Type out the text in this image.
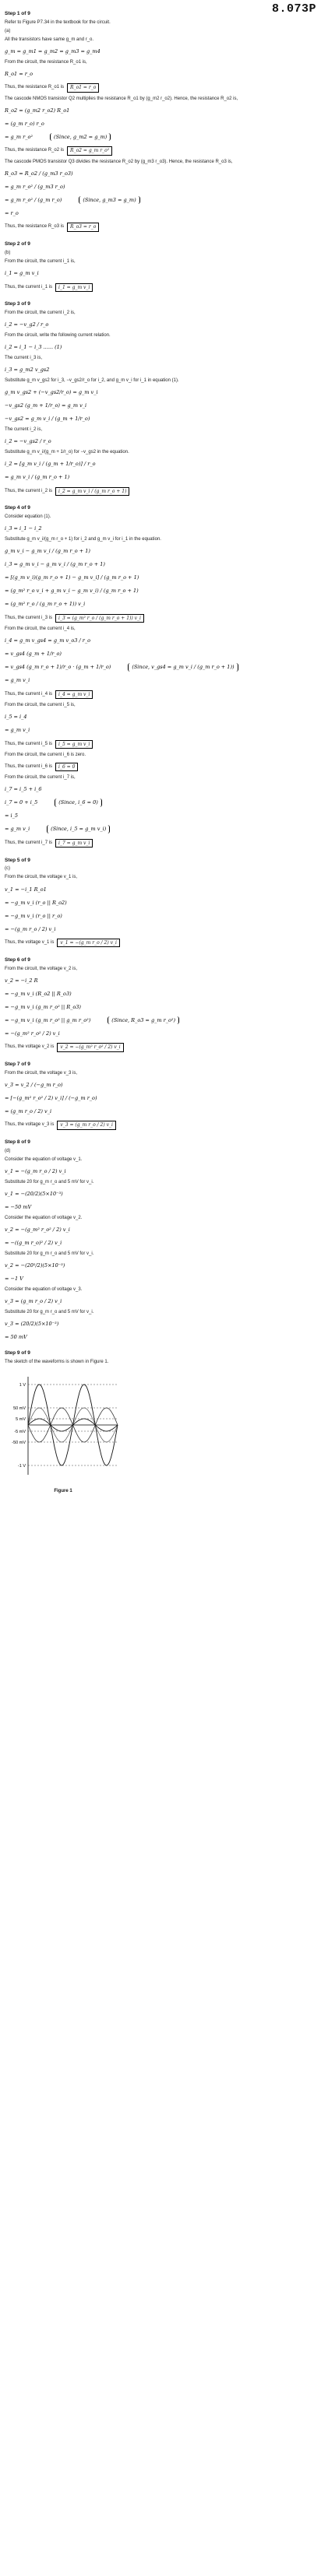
8.073P
Step 1 of 9
Refer to Figure P7.34 in the textbook for the circuit.
(a)
All the transistors have same g_m and r_o.
g_m = g_m1 = g_m2 = g_m3 = g_m4
From the circuit, the resistance R_o1 is,
R_o1 = r_o
Thus, the resistance R_o1 is	R_o1 = r_o
The cascode NMOS transistor Q2 multiplies the resistance R_o1 by (g_m2 r_o2). Hence, the resistance R_o2 is,
R_o2 = (g_m2 r_o2) R_o1
= (g_m r_o) r_o
= g_m r_o²	(Since, g_m2 = g_m)
Thus, the resistance R_o2 is	R_o2 = g_m r_o²
The cascode PMOS transistor Q3 divides the resistance R_o2 by (g_m3 r_o3). Hence, the resistance R_o3 is,
R_o3 = R_o2 / (g_m3 r_o3)
= g_m r_o² / (g_m3 r_o)
= g_m r_o² / (g_m r_o)	(Since, g_m3 = g_m)
= r_o
Thus, the resistance R_o3 is	R_o3 = r_o
Step 2 of 9
(b)
From the circuit, the current i_1 is,
i_1 = g_m v_i
Thus, the current i_1 is	i_1 = g_m v_i
Step 3 of 9
From the circuit, the current i_2 is,
i_2 = −v_g2 / r_o
From the circuit, write the following current relation.
i_2 = i_1 − i_3 ...... (1)
The current i_3 is,
i_3 = g_m2 v_gs2
Substitute g_m v_gs2 for i_3, −v_gs2/r_o for i_2, and g_m v_i for i_1 in equation (1).
g_m v_gs2 + (−v_gs2/r_o) = g_m v_i
−v_gs2 (g_m + 1/r_o) = g_m v_i
−v_gs2 = g_m v_i / (g_m + 1/r_o)
The current i_2 is,
i_2 = −v_gs2 / r_o
Substitute g_m v_i/(g_m + 1/r_o) for −v_gs2 in the equation.
i_2 = [g_m v_i / (g_m + 1/r_o)] / r_o
= g_m v_i / (g_m r_o + 1)
Thus, the current i_2 is	i_2 = g_m v_i / (g_m r_o + 1)
Step 4 of 9
Consider equation (1).
i_3 = i_1 − i_2
Substitute g_m v_i/(g_m r_o + 1) for i_2 and g_m v_i for i_1 in the equation.
g_m v_i − g_m v_i / (g_m r_o + 1)
i_3 = g_m v_i − g_m v_i / (g_m r_o + 1)
= [(g_m v_i)(g_m r_o + 1) − g_m v_i] / (g_m r_o + 1)
= (g_m² r_o v_i + g_m v_i − g_m v_i) / (g_m r_o + 1)
= (g_m² r_o / (g_m r_o + 1)) v_i
Thus, the current i_3 is	i_3 = (g_m² r_o / (g_m r_o + 1)) v_i
From the circuit, the current i_4 is,
i_4 = g_m v_gs4 = g_m v_o3 / r_o
= v_gs4 (g_m + 1/r_o)
= v_gs4 (g_m r_o + 1)/r_o · (g_m + 1/r_o)	(Since, v_gs4 = g_m v_i / (g_m r_o + 1))
= g_m v_i
Thus, the current i_4 is	i_4 = g_m v_i
From the circuit, the current i_5 is,
i_5 = i_4
= g_m v_i
Thus, the current i_5 is	i_5 = g_m v_i
From the circuit, the current i_6 is zero.
Thus, the current i_6 is	i_6 = 0
From the circuit, the current i_7 is,
i_7 = i_5 + i_6
i_7 = 0 + i_5	(Since, i_6 = 0)
= i_5
= g_m v_i	(Since, i_5 = g_m v_i)
Thus, the current i_7 is	i_7 = g_m v_i
Step 5 of 9
(c)
From the circuit, the voltage v_1 is,
v_1 = −i_1 R_o1
= −g_m v_i (r_o || R_o2)
= −g_m v_i (r_o || r_o)
= −(g_m r_o / 2) v_i
Thus, the voltage v_1 is	v_1 = −(g_m r_o / 2) v_i
Step 6 of 9
From the circuit, the voltage v_2 is,
v_2 = −i_2 R
= −g_m v_i (R_o2 || R_o3)
= −g_m v_i (g_m r_o² || R_o3)
= −g_m v_i (g_m r_o² || g_m r_o²)	(Since, R_o3 = g_m r_o²)
= −(g_m² r_o² / 2) v_i
Thus, the voltage v_2 is	v_2 = −(g_m² r_o² / 2) v_i
Step 7 of 9
From the circuit, the voltage v_3 is,
v_3 = v_2 / (−g_m r_o)
= [−(g_m² r_o² / 2) v_i] / (−g_m r_o)
= (g_m r_o / 2) v_i
Thus, the voltage v_3 is	v_3 = (g_m r_o / 2) v_i
Step 8 of 9
(d)
Consider the equation of voltage v_1.
v_1 = −(g_m r_o / 2) v_i
Substitute 20 for g_m r_o and 5 mV for v_i.
v_1 = −(20/2)(5×10⁻³)
= −50 mV
Consider the equation of voltage v_2.
v_2 = −(g_m² r_o² / 2) v_i
= −((g_m r_o)² / 2) v_i
Substitute 20 for g_m r_o and 5 mV for v_i.
v_2 = −(20²/2)(5×10⁻³)
= −1 V
Consider the equation of voltage v_3.
v_3 = (g_m r_o / 2) v_i
Substitute 20 for g_m r_o and 5 mV for v_i.
v_3 = (20/2)(5×10⁻³)
= 50 mV
Step 9 of 9
The sketch of the waveforms is shown in Figure 1.
1 V
50 mV
5 mV
-5 mV
-50 mV
-1 V
Figure 1
